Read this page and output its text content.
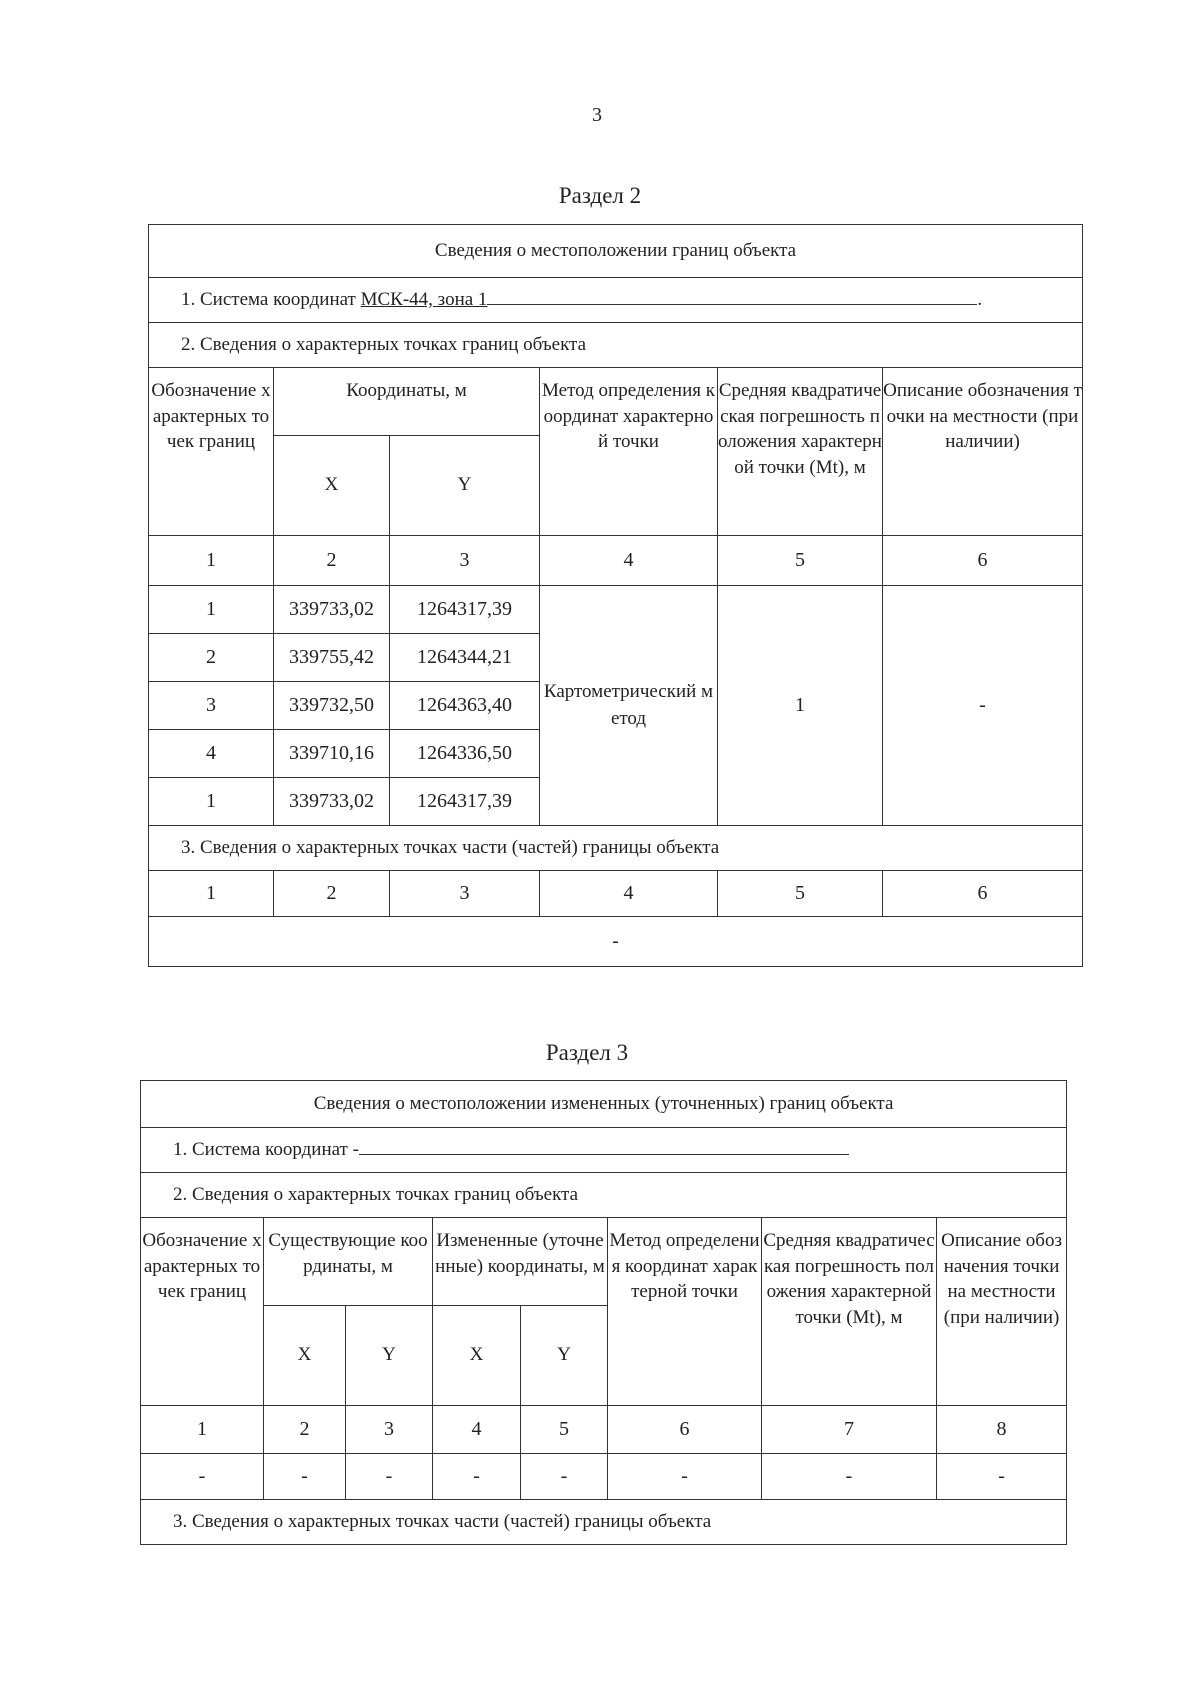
3
Раздел 2
Сведения о местоположении границ объекта					
1. Система координат МСК-44, зона 1 .					
2. Сведения о характерных точках границ объекта					
Обозначение характерных точек границ	Координаты, м		Метод определения координат характерной точки	Средняя квадратическая погрешность положения характерной точки (Mt), м	Описание обозначения точки на местности (при наличии)
	X	Y			
1	2	3	4	5	6
1	339733,02	1264317,39	Картометрический метод	1	-
2	339755,42	1264344,21			
3	339732,50	1264363,40			
4	339710,16	1264336,50			
1	339733,02	1264317,39			
3. Сведения о характерных точках части (частей) границы объекта					
1	2	3	4	5	6
-					
Раздел 3
Сведения о местоположении измененных (уточненных) границ объекта							
1. Система координат -							
2. Сведения о характерных точках границ объекта							
Обозначение характерных точек границ	Существующие координаты, м		Измененные (уточненные) координаты, м		Метод определения координат характерной точки	Средняя квадратическая погрешность положения характерной точки (Mt), м	Описание обозначения точки на местности (при наличии)
	X	Y	X	Y			
1	2	3	4	5	6	7	8
-	-	-	-	-	-	-	-
3. Сведения о характерных точках части (частей) границы объекта							
